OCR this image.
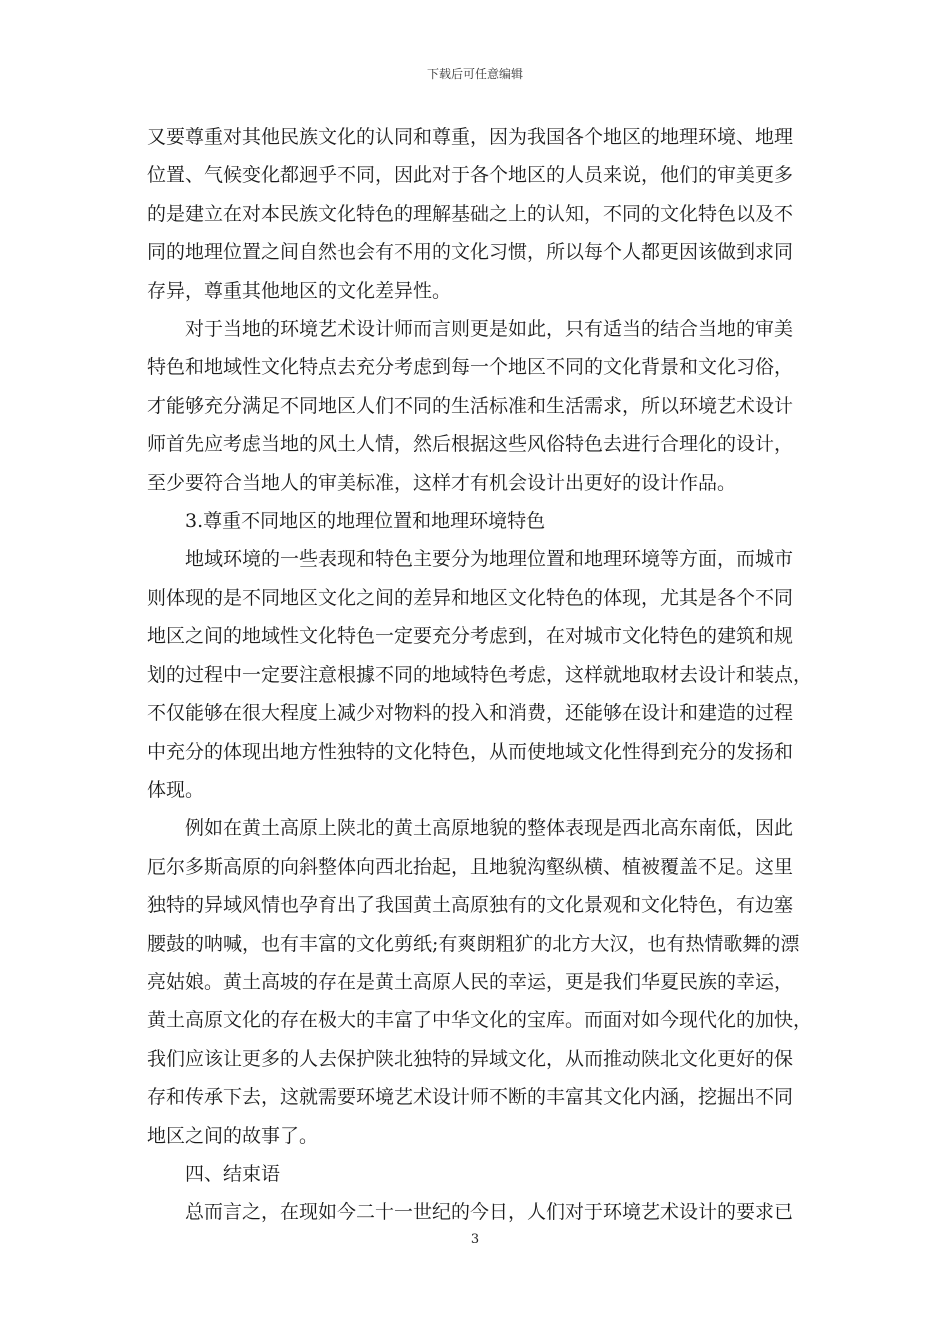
下载后可任意编辑

又要尊重对其他民族文化的认同和尊重，因为我国各个地区的地理环境、地理
位置、气候变化都迥乎不同，因此对于各个地区的人员来说，他们的审美更多
的是建立在对本民族文化特色的理解基础之上的认知，不同的文化特色以及不
同的地理位置之间自然也会有不用的文化习惯，所以每个人都更因该做到求同
存异，尊重其他地区的文化差异性。

对于当地的环境艺术设计师而言则更是如此，只有适当的结合当地的审美
特色和地域性文化特点去充分考虑到每一个地区不同的文化背景和文化习俗，
才能够充分满足不同地区人们不同的生活标准和生活需求，所以环境艺术设计
师首先应考虑当地的风土人情，然后根据这些风俗特色去进行合理化的设计，
至少要符合当地人的审美标准，这样才有机会设计出更好的设计作品。

3.尊重不同地区的地理位置和地理环境特色

地域环境的一些表现和特色主要分为地理位置和地理环境等方面，而城市
则体现的是不同地区文化之间的差异和地区文化特色的体现，尤其是各个不同
地区之间的地域性文化特色一定要充分考虑到，在对城市文化特色的建筑和规
划的过程中一定要注意根據不同的地域特色考虑，这样就地取材去设计和装点，
不仅能够在很大程度上减少对物料的投入和消费，还能够在设计和建造的过程
中充分的体现出地方性独特的文化特色，从而使地域文化性得到充分的发扬和
体现。

例如在黄土高原上陕北的黄土高原地貌的整体表现是西北高东南低，因此
厄尔多斯高原的向斜整体向西北抬起，且地貌沟壑纵横、植被覆盖不足。这里
独特的异域风情也孕育出了我国黄土高原独有的文化景观和文化特色，有边塞
腰鼓的呐喊，也有丰富的文化剪纸;有爽朗粗犷的北方大汉，也有热情歌舞的漂
亮姑娘。黄土高坡的存在是黄土高原人民的幸运，更是我们华夏民族的幸运，
黄土高原文化的存在极大的丰富了中华文化的宝库。而面对如今现代化的加快，
我们应该让更多的人去保护陕北独特的异域文化，从而推动陕北文化更好的保
存和传承下去，这就需要环境艺术设计师不断的丰富其文化内涵，挖掘出不同
地区之间的故事了。

四、结束语

总而言之，在现如今二十一世纪的今日，人们对于环境艺术设计的要求已

3
